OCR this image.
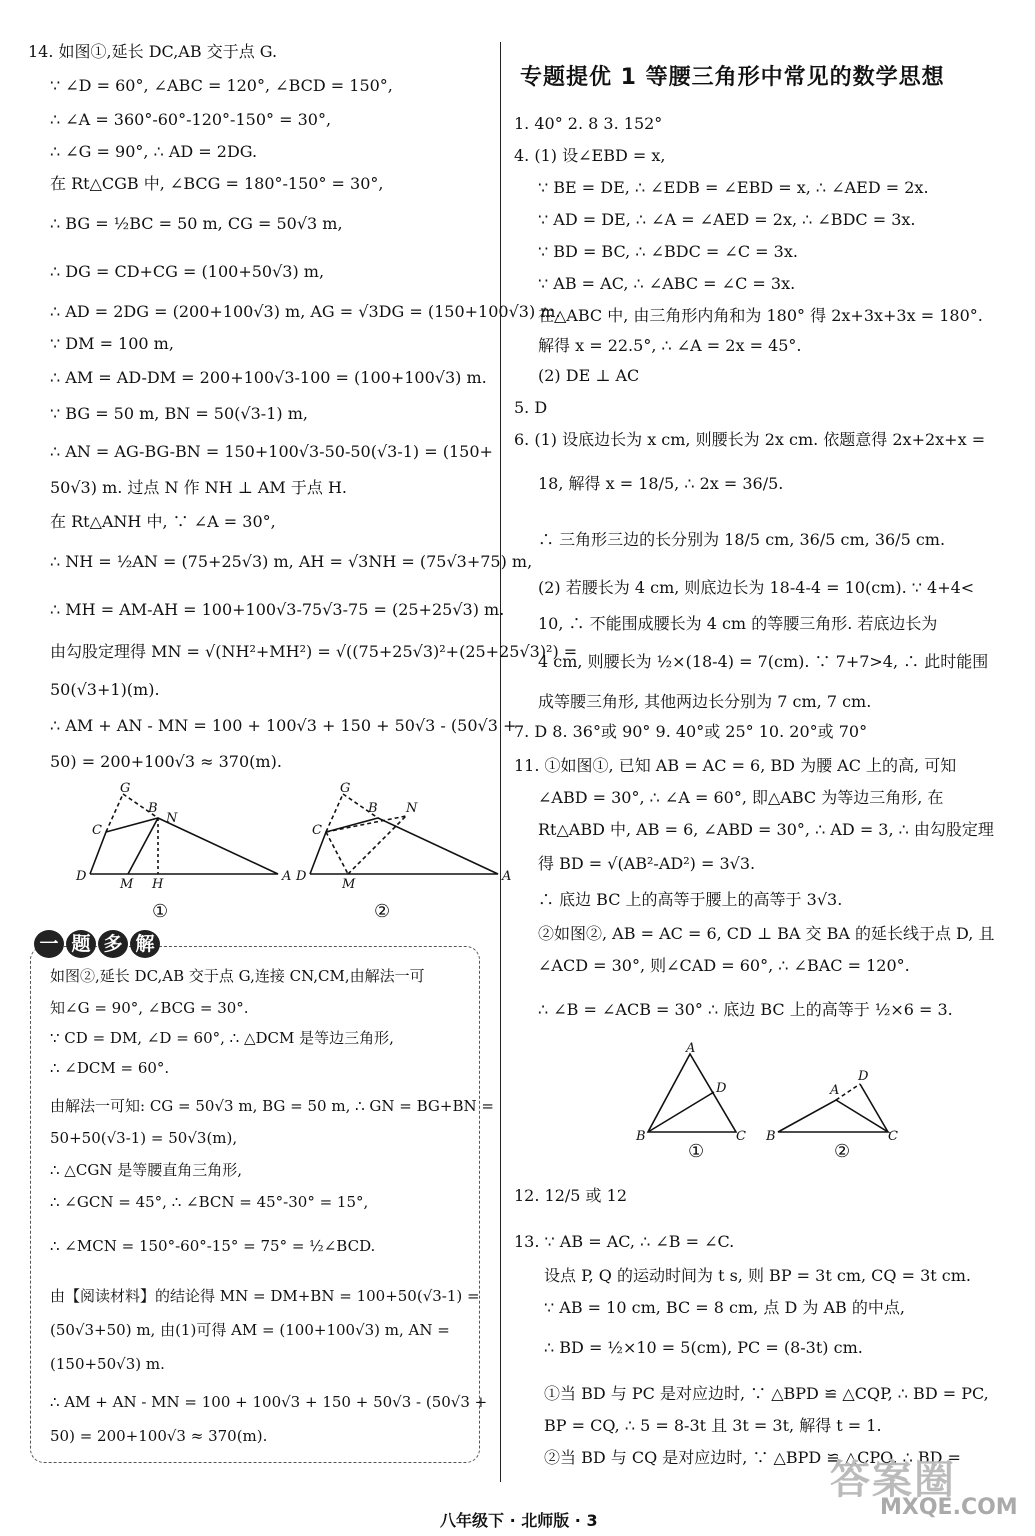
14. 如图①,延长 DC,AB 交于点 G.
∵ ∠D = 60°, ∠ABC = 120°, ∠BCD = 150°,
∴ ∠A = 360°-60°-120°-150° = 30°,
∴ ∠G = 90°, ∴ AD = 2DG.
在 Rt△CGB 中, ∠BCG = 180°-150° = 30°,
∴ BG = ½BC = 50 m, CG = 50√3 m,
∴ DG = CD+CG = (100+50√3) m,
∴ AD = 2DG = (200+100√3) m, AG = √3DG = (150+100√3) m.
∵ DM = 100 m,
∴ AM = AD-DM = 200+100√3-100 = (100+100√3) m.
∵ BG = 50 m, BN = 50(√3-1) m,
∴ AN = AG-BG-BN = 150+100√3-50-50(√3-1) = (150+
50√3) m. 过点 N 作 NH ⊥ AM 于点 H.
在 Rt△ANH 中, ∵ ∠A = 30°,
∴ NH = ½AN = (75+25√3) m, AH = √3NH = (75√3+75) m,
∴ MH = AM-AH = 100+100√3-75√3-75 = (25+25√3) m.
由勾股定理得 MN = √(NH²+MH²) = √((75+25√3)²+(25+25√3)²) =
50(√3+1)(m).
∴ AM + AN - MN = 100 + 100√3 + 150 + 50√3 - (50√3 +
50) = 200+100√3 ≈ 370(m).
D
C
G
B
N
M H
A D
C
G
B N
M
A
①	②
一 题 多 解
如图②,延长 DC,AB 交于点 G,连接 CN,CM,由解法一可
知∠G = 90°, ∠BCG = 30°.
∵ CD = DM, ∠D = 60°, ∴ △DCM 是等边三角形,
∴ ∠DCM = 60°.
由解法一可知: CG = 50√3 m, BG = 50 m, ∴ GN = BG+BN =
50+50(√3-1) = 50√3(m),
∴ △CGN 是等腰直角三角形,
∴ ∠GCN = 45°, ∴ ∠BCN = 45°-30° = 15°,
∴ ∠MCN = 150°-60°-15° = 75° = ½∠BCD.
由【阅读材料】的结论得 MN = DM+BN = 100+50(√3-1) =
(50√3+50) m, 由(1)可得 AM = (100+100√3) m, AN =
(150+50√3) m.
∴ AM + AN - MN = 100 + 100√3 + 150 + 50√3 - (50√3 +
50) = 200+100√3 ≈ 370(m).
专题提优 1 等腰三角形中常见的数学思想
1. 40° 2. 8 3. 152°
4. (1) 设∠EBD = x,
∵ BE = DE, ∴ ∠EDB = ∠EBD = x, ∴ ∠AED = 2x.
∵ AD = DE, ∴ ∠A = ∠AED = 2x, ∴ ∠BDC = 3x.
∵ BD = BC, ∴ ∠BDC = ∠C = 3x.
∵ AB = AC, ∴ ∠ABC = ∠C = 3x.
在△ABC 中, 由三角形内角和为 180° 得 2x+3x+3x = 180°.
解得 x = 22.5°, ∴ ∠A = 2x = 45°.
(2) DE ⊥ AC
5. D
6. (1) 设底边长为 x cm, 则腰长为 2x cm. 依题意得 2x+2x+x =
18, 解得 x = 18/5, ∴ 2x = 36/5.
∴ 三角形三边的长分别为 18/5 cm, 36/5 cm, 36/5 cm.
(2) 若腰长为 4 cm, 则底边长为 18-4-4 = 10(cm). ∵ 4+4<
10, ∴ 不能围成腰长为 4 cm 的等腰三角形. 若底边长为
4 cm, 则腰长为 ½×(18-4) = 7(cm). ∵ 7+7>4, ∴ 此时能围
成等腰三角形, 其他两边长分别为 7 cm, 7 cm.
7. D 8. 36°或 90° 9. 40°或 25° 10. 20°或 70°
11. ①如图①, 已知 AB = AC = 6, BD 为腰 AC 上的高, 可知
∠ABD = 30°, ∴ ∠A = 60°, 即△ABC 为等边三角形, 在
Rt△ABD 中, AB = 6, ∠ABD = 30°, ∴ AD = 3, ∴ 由勾股定理
得 BD = √(AB²-AD²) = 3√3.
∴ 底边 BC 上的高等于腰上的高等于 3√3.
②如图②, AB = AC = 6, CD ⊥ BA 交 BA 的延长线于点 D, 且
∠ACD = 30°, 则∠CAD = 60°, ∴ ∠BAC = 120°.
∴ ∠B = ∠ACB = 30° ∴ 底边 BC 上的高等于 ½×6 = 3.
A
D
B	C
A
D
B	C
①	②
12. 12/5 或 12
13. ∵ AB = AC, ∴ ∠B = ∠C.
设点 P, Q 的运动时间为 t s, 则 BP = 3t cm, CQ = 3t cm.
∵ AB = 10 cm, BC = 8 cm, 点 D 为 AB 的中点,
∴ BD = ½×10 = 5(cm), PC = (8-3t) cm.
①当 BD 与 PC 是对应边时, ∵ △BPD ≌ △CQP, ∴ BD = PC,
BP = CQ, ∴ 5 = 8-3t 且 3t = 3t, 解得 t = 1.
②当 BD 与 CQ 是对应边时, ∵ △BPD ≌ △CPQ, ∴ BD =
八年级下 · 北师版 · 3
答案圈
MXQE.COM
